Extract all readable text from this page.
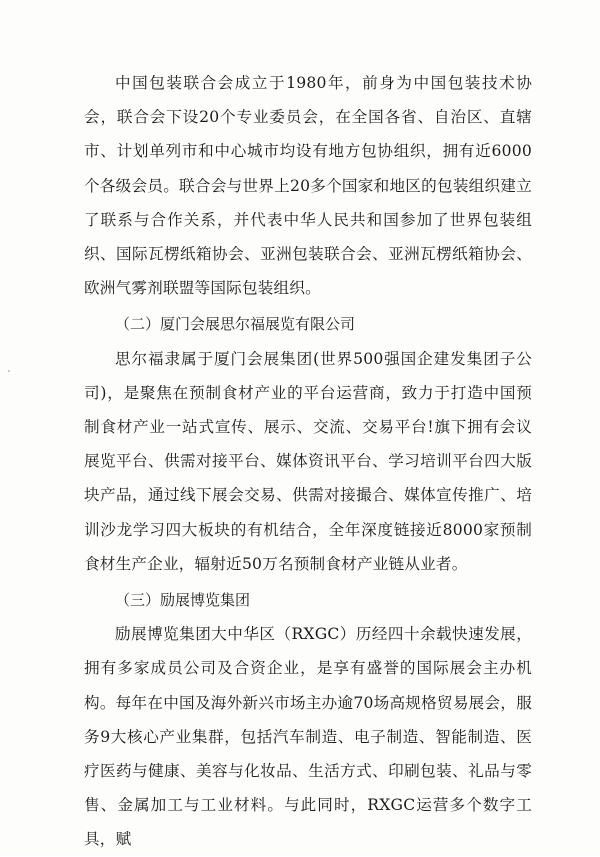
中国包装联合会成立于1980年，前身为中国包装技术协会，联合会下设20个专业委员会，在全国各省、自治区、直辖市、计划单列市和中心城市均设有地方包协组织，拥有近6000个各级会员。联合会与世界上20多个国家和地区的包装组织建立了联系与合作关系，并代表中华人民共和国参加了世界包装组织、国际瓦楞纸箱协会、亚洲包装联合会、亚洲瓦楞纸箱协会、欧洲气雾剂联盟等国际包装组织。

（二）厦门会展思尔福展览有限公司

思尔福隶属于厦门会展集团(世界500强国企建发集团子公司)，是聚焦在预制食材产业的平台运营商，致力于打造中国预制食材产业一站式宣传、展示、交流、交易平台!旗下拥有会议展览平台、供需对接平台、媒体资讯平台、学习培训平台四大版块产品，通过线下展会交易、供需对接撮合、媒体宣传推广、培训沙龙学习四大板块的有机结合，全年深度链接近8000家预制食材生产企业，辐射近50万名预制食材产业链从业者。

（三）励展博览集团

励展博览集团大中华区（RXGC）历经四十余载快速发展，拥有多家成员公司及合资企业，是享有盛誉的国际展会主办机构。每年在中国及海外新兴市场主办逾70场高规格贸易展会，服务9大核心产业集群，包括汽车制造、电子制造、智能制造、医疗医药与健康、美容与化妆品、生活方式、印刷包装、礼品与零售、金属加工与工业材料。与此同时，RXGC运营多个数字工具，赋
